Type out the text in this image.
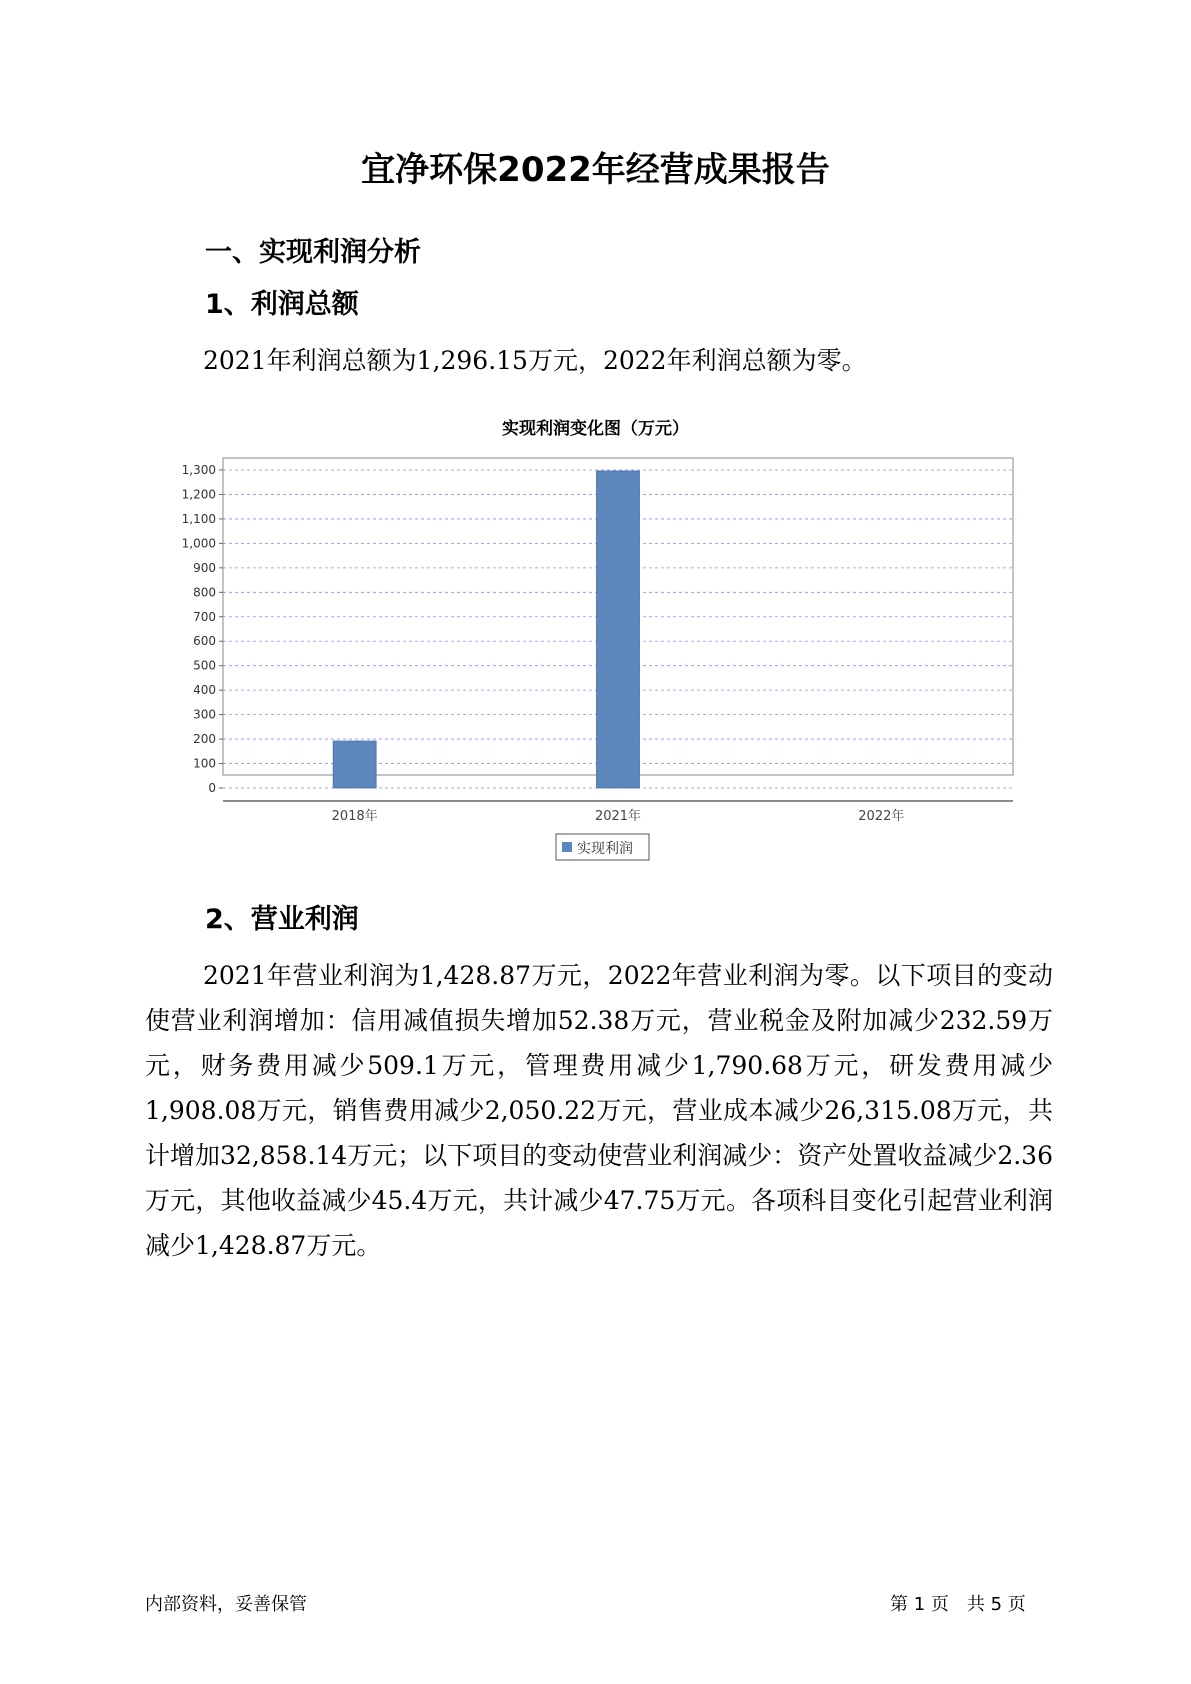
宜净环保2022年经营成果报告
一、实现利润分析
1、利润总额

2021年利润总额为1,296.15万元，2022年利润总额为零。

实现利润变化图（万元）
0
100
200
300
400
500
600
700
800
900
1,000
1,100
1,200
1,300
2018年	2021年	2022年
实现利润
2、营业利润

2021年营业利润为1,428.87万元，2022年营业利润为零。以下项目的变动使营业利润增加：信用减值损失增加52.38万元，营业税金及附加减少232.59万元，财务费用减少509.1万元，管理费用减少1,790.68万元，研发费用减少1,908.08万元，销售费用减少2,050.22万元，营业成本减少26,315.08万元，共计增加32,858.14万元；以下项目的变动使营业利润减少：资产处置收益减少2.36万元，其他收益减少45.4万元，共计减少47.75万元。各项科目变化引起营业利润减少1,428.87万元。

内部资料，妥善保管	第 1 页　共 5 页
